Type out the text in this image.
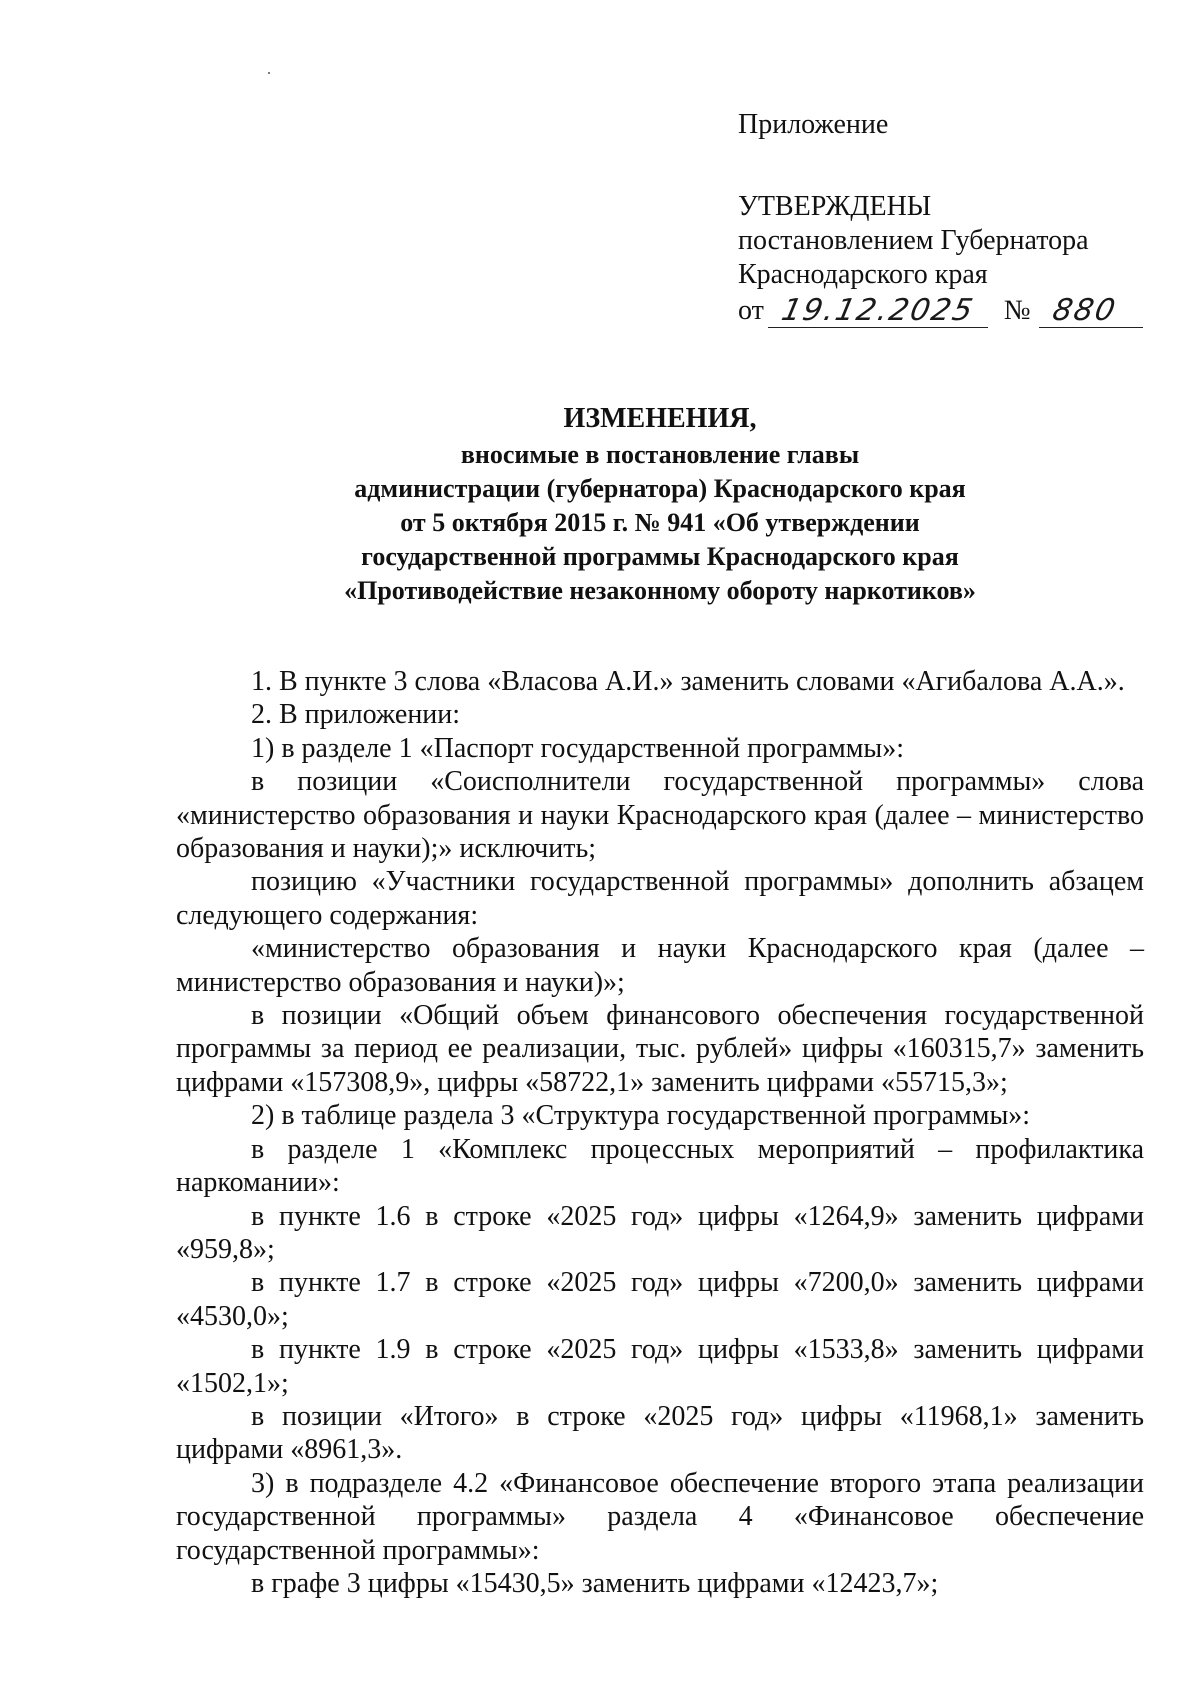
Приложение
УТВЕРЖДЕНЫ
постановлением Губернатора
Краснодарского края
от 19.12.2025 № 880
ИЗМЕНЕНИЯ,
вносимые в постановление главы
администрации (губернатора) Краснодарского края
от 5 октября 2015 г. № 941 «Об утверждении
государственной программы Краснодарского края
«Противодействие незаконному обороту наркотиков»

1. В пункте 3 слова «Власова А.И.» заменить словами «Агибалова А.А.».

2. В приложении:

1) в разделе 1 «Паспорт государственной программы»:

в позиции «Соисполнители государственной программы» слова «министерство образования и науки Краснодарского края (далее – министерство образования и науки);» исключить;

позицию «Участники государственной программы» дополнить абзацем следующего содержания:

«министерство образования и науки Краснодарского края (далее – министерство образования и науки)»;

в позиции «Общий объем финансового обеспечения государственной программы за период ее реализации, тыс. рублей» цифры «160315,7» заменить цифрами «157308,9», цифры «58722,1» заменить цифрами «55715,3»;

2) в таблице раздела 3 «Структура государственной программы»:

в разделе 1 «Комплекс процессных мероприятий – профилактика наркомании»:

в пункте 1.6 в строке «2025 год» цифры «1264,9» заменить цифрами «959,8»;

в пункте 1.7 в строке «2025 год» цифры «7200,0» заменить цифрами «4530,0»;

в пункте 1.9 в строке «2025 год» цифры «1533,8» заменить цифрами «1502,1»;

в позиции «Итого» в строке «2025 год» цифры «11968,1» заменить цифрами «8961,3».

3) в подразделе 4.2 «Финансовое обеспечение второго этапа реализации государственной программы» раздела 4 «Финансовое обеспечение государственной программы»:

в графе 3 цифры «15430,5» заменить цифрами «12423,7»;
